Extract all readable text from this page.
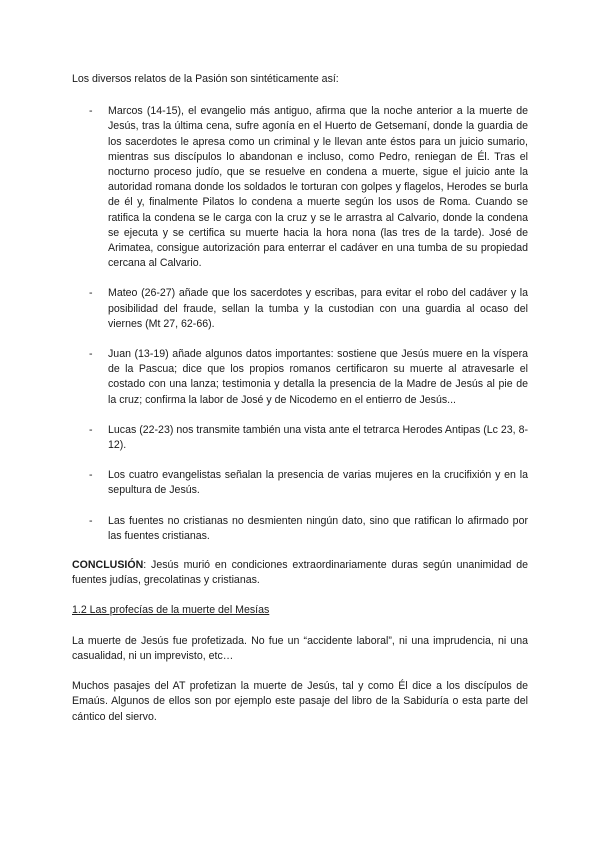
Los diversos relatos de la Pasión son sintéticamente así:

- Marcos (14-15), el evangelio más antiguo, afirma que la noche anterior a la muerte de Jesús, tras la última cena, sufre agonía en el Huerto de Getsemaní, donde la guardia de los sacerdotes le apresa como un criminal y le llevan ante éstos para un juicio sumario, mientras sus discípulos lo abandonan e incluso, como Pedro, reniegan de Él. Tras el nocturno proceso judío, que se resuelve en condena a muerte, sigue el juicio ante la autoridad romana donde los soldados le torturan con golpes y flagelos, Herodes se burla de él y, finalmente Pilatos lo condena a muerte según los usos de Roma. Cuando se ratifica la condena se le carga con la cruz y se le arrastra al Calvario, donde la condena se ejecuta y se certifica su muerte hacia la hora nona (las tres de la tarde). José de Arimatea, consigue autorización para enterrar el cadáver en una tumba de su propiedad cercana al Calvario.
- Mateo (26-27) añade que los sacerdotes y escribas, para evitar el robo del cadáver y la posibilidad del fraude, sellan la tumba y la custodian con una guardia al ocaso del viernes (Mt 27, 62-66).
- Juan (13-19) añade algunos datos importantes: sostiene que Jesús muere en la víspera de la Pascua; dice que los propios romanos certificaron su muerte al atravesarle el costado con una lanza; testimonia y detalla la presencia de la Madre de Jesús al pie de la cruz; confirma la labor de José y de Nicodemo en el entierro de Jesús...
- Lucas (22-23) nos transmite también una vista ante el tetrarca Herodes Antipas (Lc 23, 8-12).
- Los cuatro evangelistas señalan la presencia de varias mujeres en la crucifixión y en la sepultura de Jesús.
- Las fuentes no cristianas no desmienten ningún dato, sino que ratifican lo afirmado por las fuentes cristianas.

CONCLUSIÓN: Jesús murió en condiciones extraordinariamente duras según unanimidad de fuentes judías, grecolatinas y cristianas.

1.2 Las profecías de la muerte del Mesías

La muerte de Jesús fue profetizada. No fue un “accidente laboral”, ni una imprudencia, ni una casualidad, ni un imprevisto, etc…

Muchos pasajes del AT profetizan la muerte de Jesús, tal y como Él dice a los discípulos de Emaús. Algunos de ellos son por ejemplo este pasaje del libro de la Sabiduría o esta parte del cántico del siervo.
